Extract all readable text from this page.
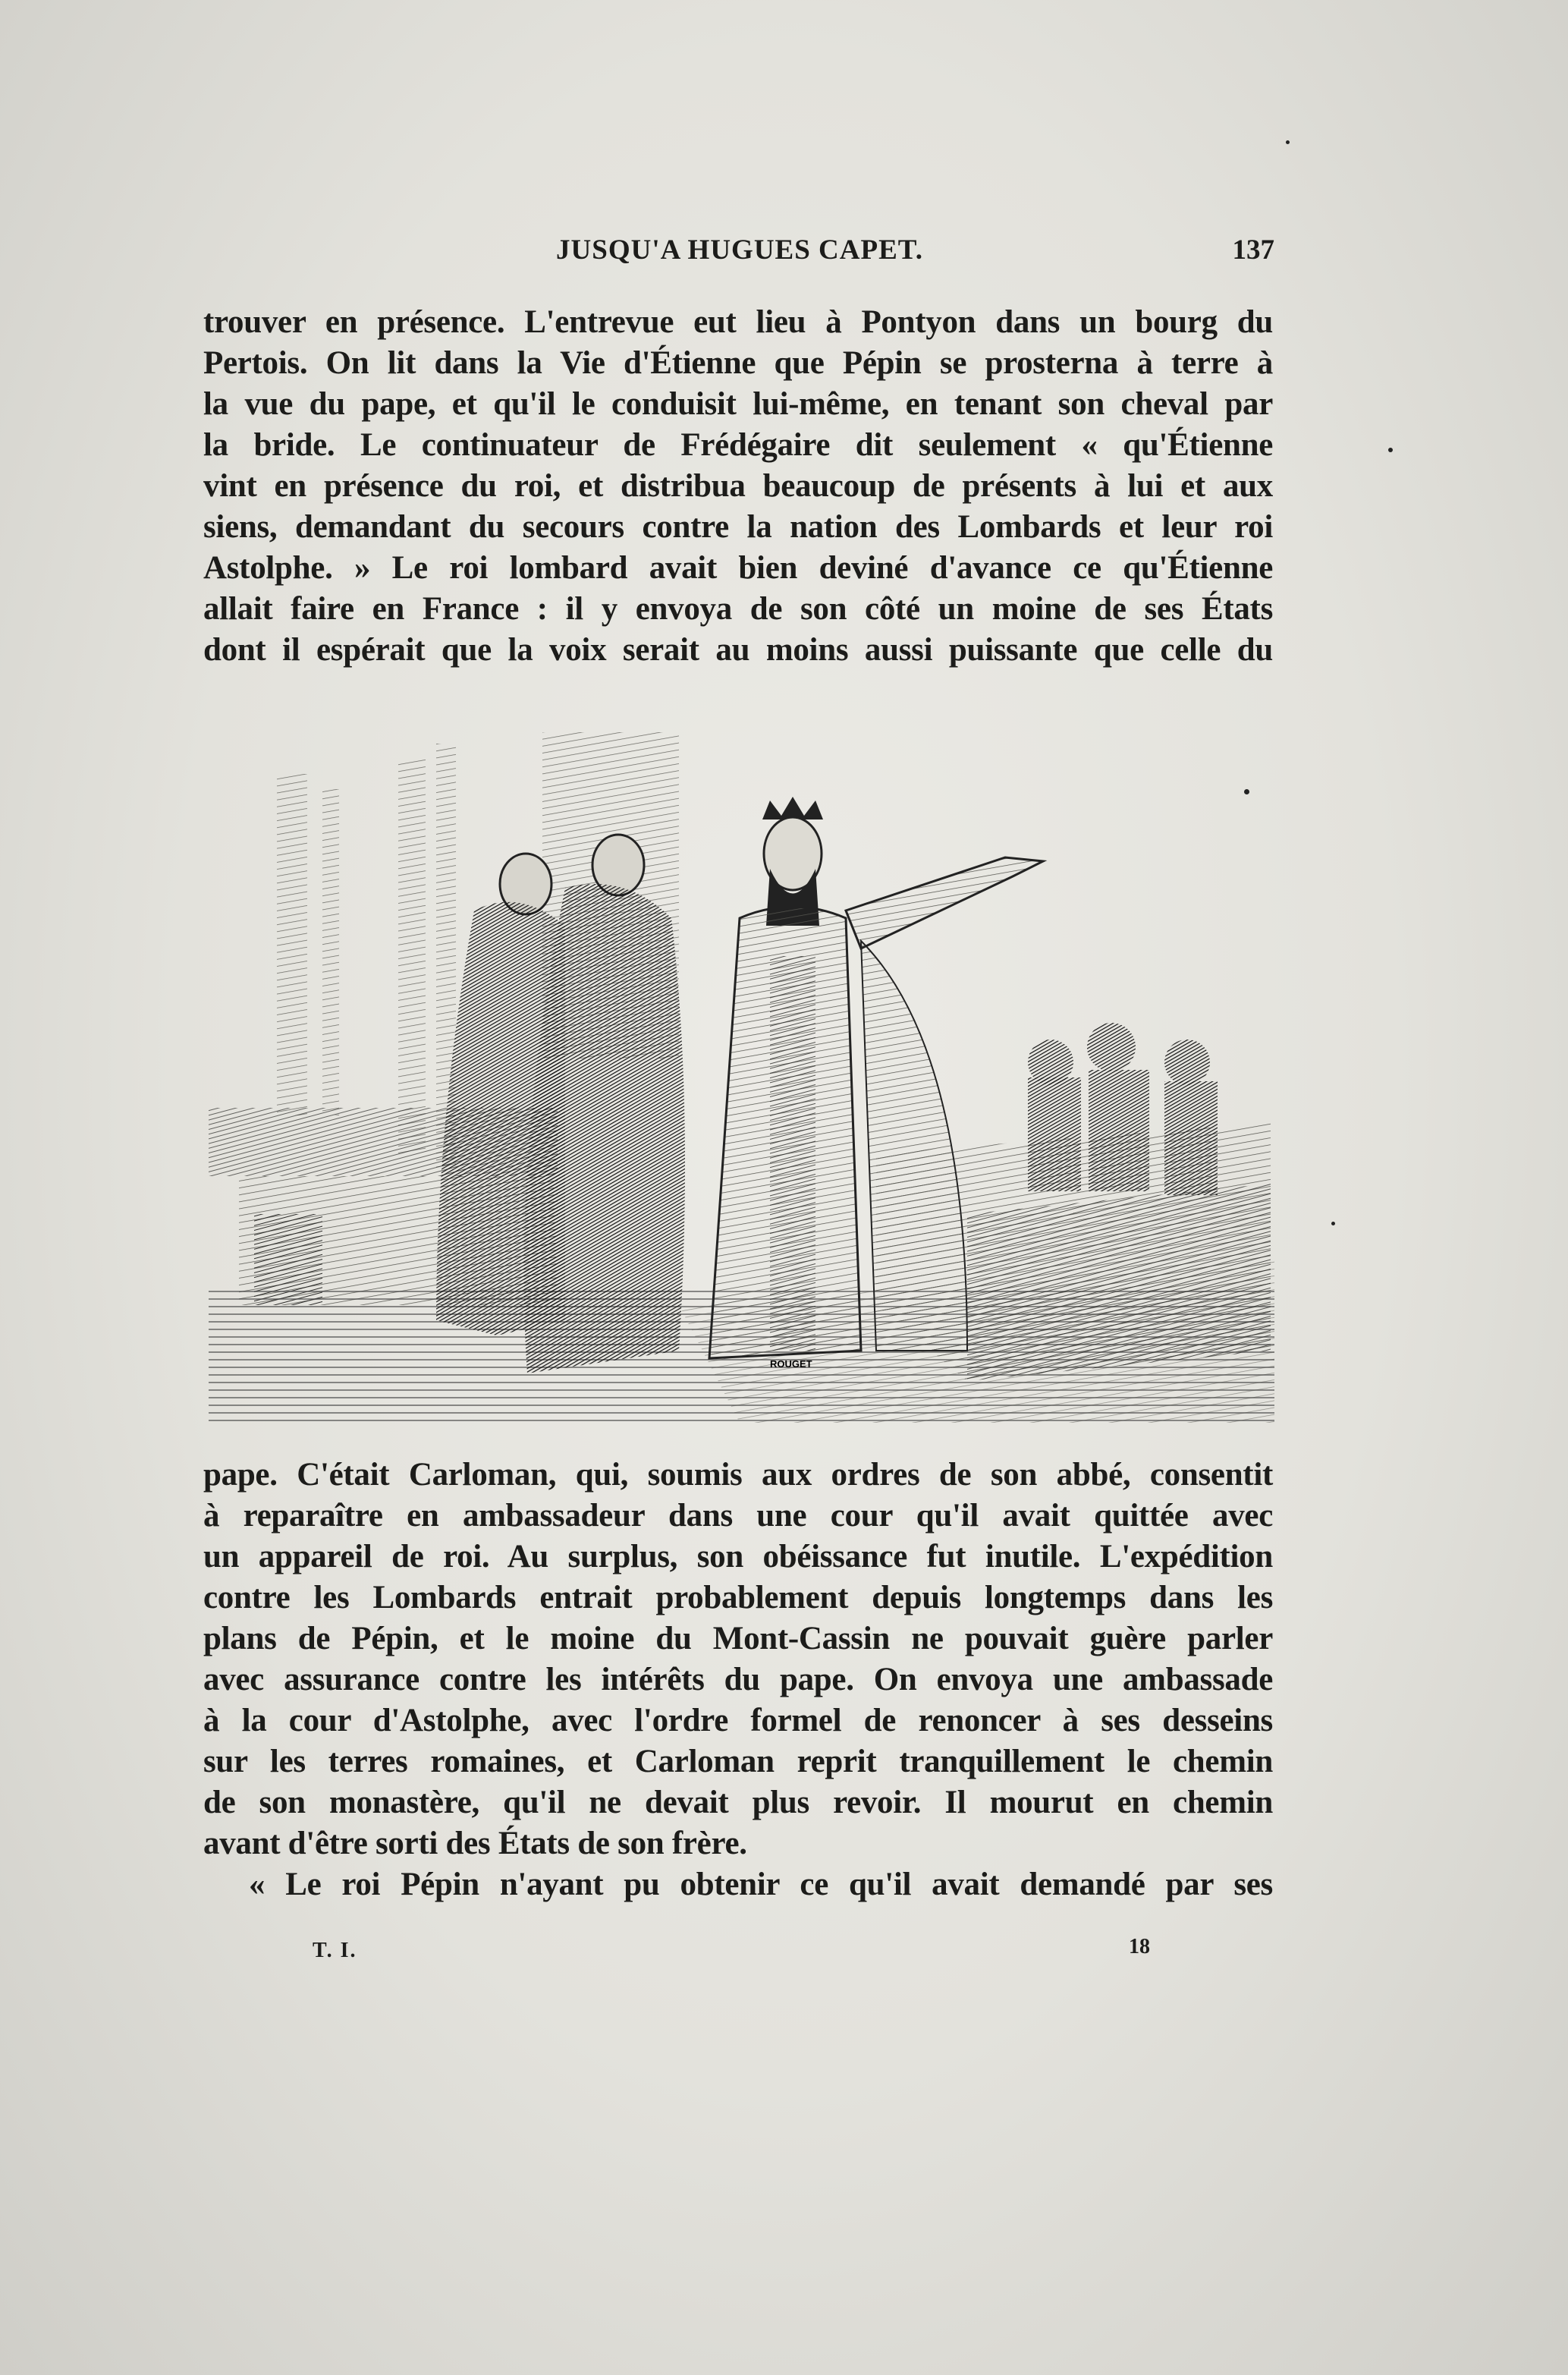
JUSQU'A HUGUES CAPET.	137
trouver en présence. L'entrevue eut lieu à Pontyon dans un bourg du
Pertois. On lit dans la Vie d'Étienne que Pépin se prosterna à terre à
la vue du pape, et qu'il le conduisit lui-même, en tenant son cheval par
la bride. Le continuateur de Frédégaire dit seulement « qu'Étienne
vint en présence du roi, et distribua beaucoup de présents à lui et aux
siens, demandant du secours contre la nation des Lombards et leur roi
Astolphe. » Le roi lombard avait bien deviné d'avance ce qu'Étienne
allait faire en France : il y envoya de son côté un moine de ses États
dont il espérait que la voix serait au moins aussi puissante que celle du
ROUGET
pape. C'était Carloman, qui, soumis aux ordres de son abbé, consentit
à reparaître en ambassadeur dans une cour qu'il avait quittée avec
un appareil de roi. Au surplus, son obéissance fut inutile. L'expédition
contre les Lombards entrait probablement depuis longtemps dans les
plans de Pépin, et le moine du Mont-Cassin ne pouvait guère parler
avec assurance contre les intérêts du pape. On envoya une ambassade
à la cour d'Astolphe, avec l'ordre formel de renoncer à ses desseins
sur les terres romaines, et Carloman reprit tranquillement le chemin
de son monastère, qu'il ne devait plus revoir. Il mourut en chemin
avant d'être sorti des États de son frère.
« Le roi Pépin n'ayant pu obtenir ce qu'il avait demandé par ses
T. I.	18
